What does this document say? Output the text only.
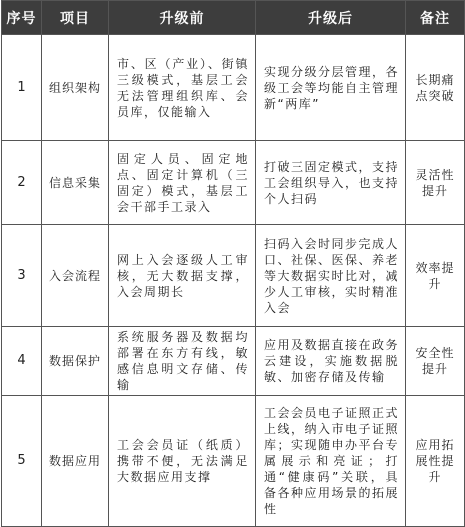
序号	项目	升级前	升级后	备注
1	组织架构	市、区（产业）、街镇三级模式，基层工会无法管理组织库、会员库，仅能输入	实现分级分层管理，各级工会等均能自主管理新“两库”	长期痛点突破
2	信息采集	固定人员、固定地点、固定计算机（三固定）模式，基层工会干部手工录入	打破三固定模式，支持工会组织导入，也支持个人扫码	灵活性提升
3	入会流程	网上入会逐级人工审核，无大数据支撑，入会周期长	扫码入会时同步完成人口、社保、医保、养老等大数据实时比对，减少人工审核，实时精准入会	效率提升
4	数据保护	系统服务器及数据均部署在东方有线，敏感信息明文存储、传输	应用及数据直接在政务云建设，实施数据脱敏、加密存储及传输	安全性提升
5	数据应用	工会会员证（纸质）携带不便，无法满足大数据应用支撑	工会会员电子证照正式上线，纳入市电子证照库；实现随申办平台专属展示和亮证；打通“健康码”关联，具备各种应用场景的拓展性	应用拓展性提升
